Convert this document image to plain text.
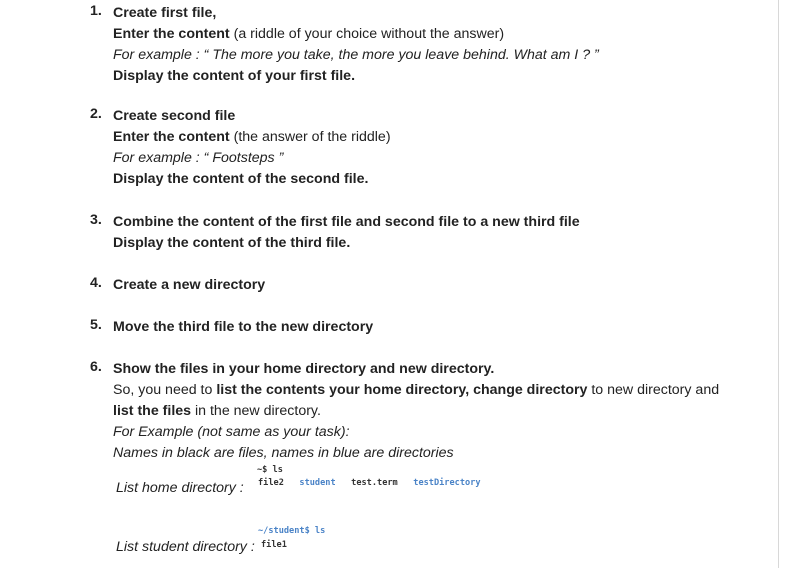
1. Create first file,
Enter the content (a riddle of your choice without the answer)
For example : “ The more you take, the more you leave behind. What am I ? ”
Display the content of your first file.
2. Create second file
Enter the content (the answer of the riddle)
For example : “ Footsteps ”
Display the content of the second file.
3. Combine the content of the first file and second file to a new third file
Display the content of the third file.
4. Create a new directory
5. Move the third file to the new directory
6. Show the files in your home directory and new directory.
So, you need to list the contents your home directory, change directory to new directory and
list the files in the new directory.
For Example (not same as your task):
Names in black are files, names in blue are directories
~$ ls
List home directory : file2 student test.term testDirectory
~/student$ ls
List student directory : file1
